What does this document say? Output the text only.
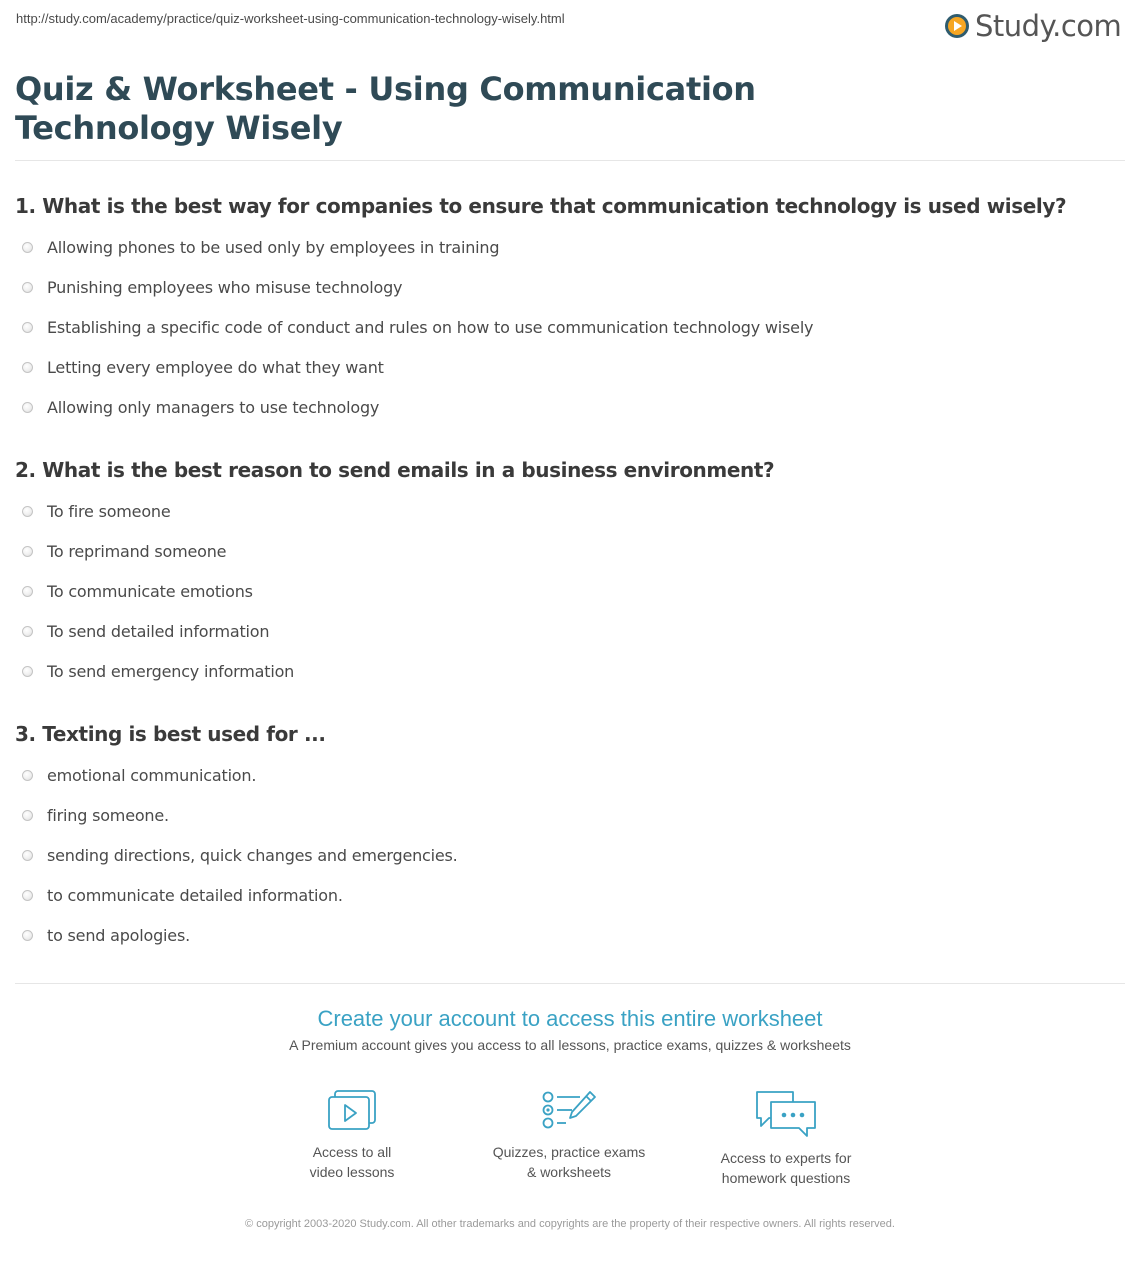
http://study.com/academy/practice/quiz-worksheet-using-communication-technology-wisely.html	Study.com
Quiz & Worksheet - Using Communication Technology Wisely
1. What is the best way for companies to ensure that communication technology is used wisely?
Allowing phones to be used only by employees in training
Punishing employees who misuse technology
Establishing a specific code of conduct and rules on how to use communication technology wisely
Letting every employee do what they want
Allowing only managers to use technology
2. What is the best reason to send emails in a business environment?
To fire someone
To reprimand someone
To communicate emotions
To send detailed information
To send emergency information
3. Texting is best used for ...
emotional communication.
firing someone.
sending directions, quick changes and emergencies.
to communicate detailed information.
to send apologies.
Create your account to access this entire worksheet
A Premium account gives you access to all lessons, practice exams, quizzes & worksheets
Access to all
video lessons
Quizzes, practice exams
& worksheets
Access to experts for
homework questions
© copyright 2003-2020 Study.com. All other trademarks and copyrights are the property of their respective owners. All rights reserved.
